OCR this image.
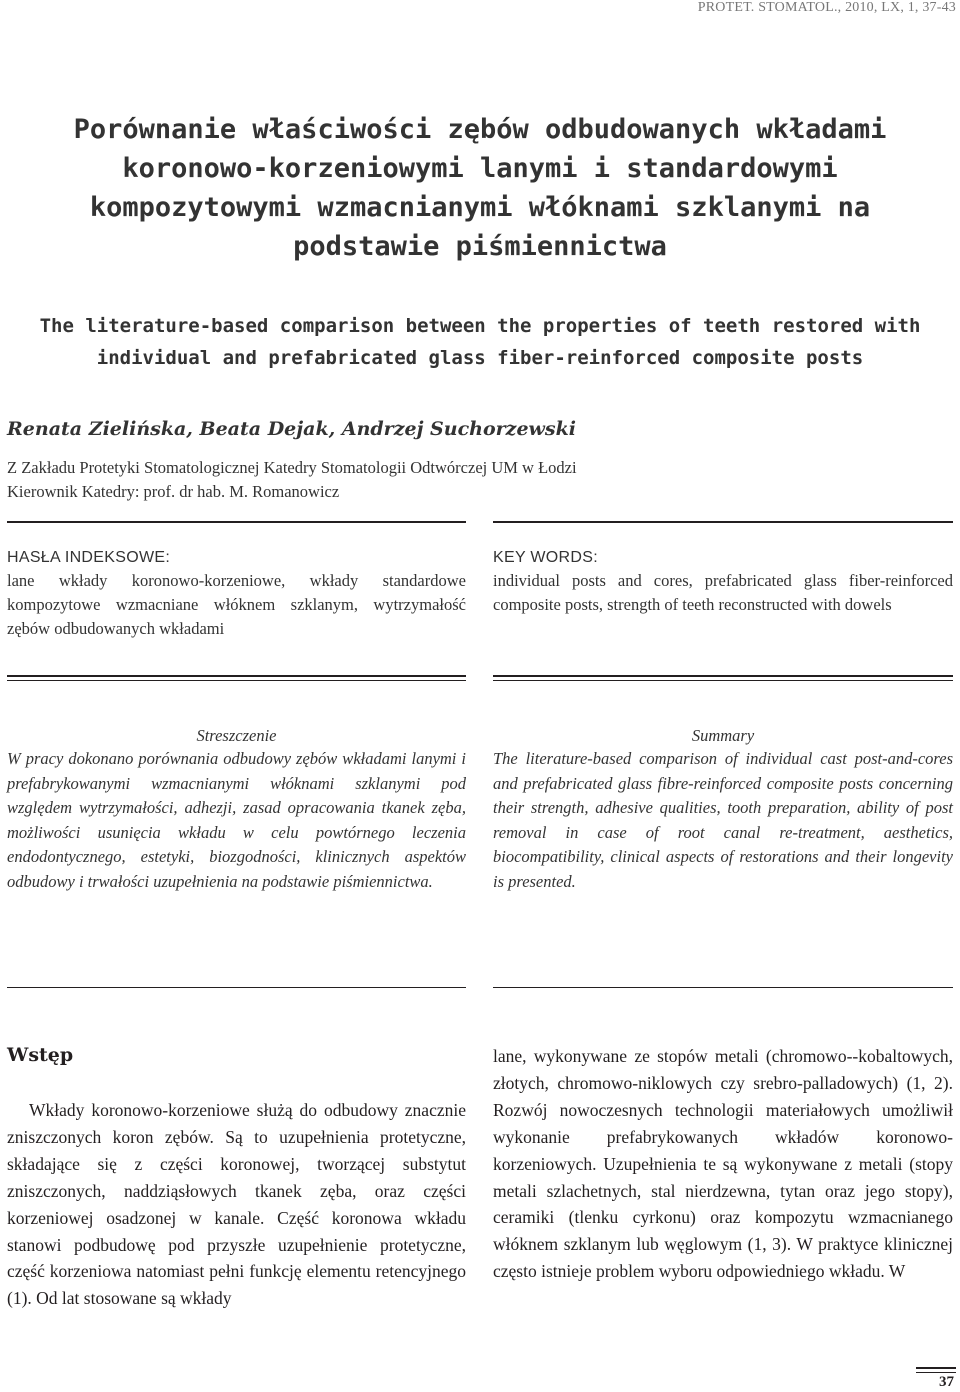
PROTET. STOMATOL., 2010, LX, 1, 37-43
Porównanie właściwości zębów odbudowanych wkładami koronowo-korzeniowymi lanymi i standardowymi kompozytowymi wzmacnianymi włóknami szklanymi na podstawie piśmiennictwa
The literature-based comparison between the properties of teeth restored with individual and prefabricated glass fiber-reinforced composite posts
Renata Zielińska, Beata Dejak, Andrzej Suchorzewski
Z Zakładu Protetyki Stomatologicznej Katedry Stomatologii Odtwórczej UM w Łodzi
Kierownik Katedry: prof. dr hab. M. Romanowicz
HASŁA INDEKSOWE:
lane wkłady koronowo-korzeniowe, wkłady standardowe kompozytowe wzmacniane włóknem szklanym, wytrzymałość zębów odbudowanych wkładami
KEY WORDS:
individual posts and cores, prefabricated glass fiber-reinforced composite posts, strength of teeth reconstructed with dowels
Streszczenie
W pracy dokonano porównania odbudowy zębów wkładami lanymi i prefabrykowanymi wzmacnianymi włóknami szklanymi pod względem wytrzymałości, adhezji, zasad opracowania tkanek zęba, możliwości usunięcia wkładu w celu powtórnego leczenia endodontycznego, estetyki, biozgodności, klinicznych aspektów odbudowy i trwałości uzupełnienia na podstawie piśmiennictwa.
Summary
The literature-based comparison of individual cast post-and-cores and prefabricated glass fibre-reinforced composite posts concerning their strength, adhesive qualities, tooth preparation, ability of post removal in case of root canal re-treatment, aesthetics, biocompatibility, clinical aspects of restorations and their longevity is presented.
Wstęp
Wkłady koronowo-korzeniowe służą do odbudowy znacznie zniszczonych koron zębów. Są to uzupełnienia protetyczne, składające się z części koronowej, tworzącej substytut zniszczonych, naddziąsłowych tkanek zęba, oraz części korzeniowej osadzonej w kanale. Część koronowa wkładu stanowi podbudowę pod przyszłe uzupełnienie protetyczne, część korzeniowa natomiast pełni funkcję elementu retencyjnego (1). Od lat stosowane są wkłady
lane, wykonywane ze stopów metali (chromowo--kobaltowych, złotych, chromowo-niklowych czy srebro-palladowych) (1, 2). Rozwój nowoczesnych technologii materiałowych umożliwił wykonanie prefabrykowanych wkładów koronowo-korzeniowych. Uzupełnienia te są wykonywane z metali (stopy metali szlachetnych, stal nierdzewna, tytan oraz jego stopy), ceramiki (tlenku cyrkonu) oraz kompozytu wzmacnianego włóknem szklanym lub węglowym (1, 3). W praktyce klinicznej często istnieje problem wyboru odpowiedniego wkładu. W
37
